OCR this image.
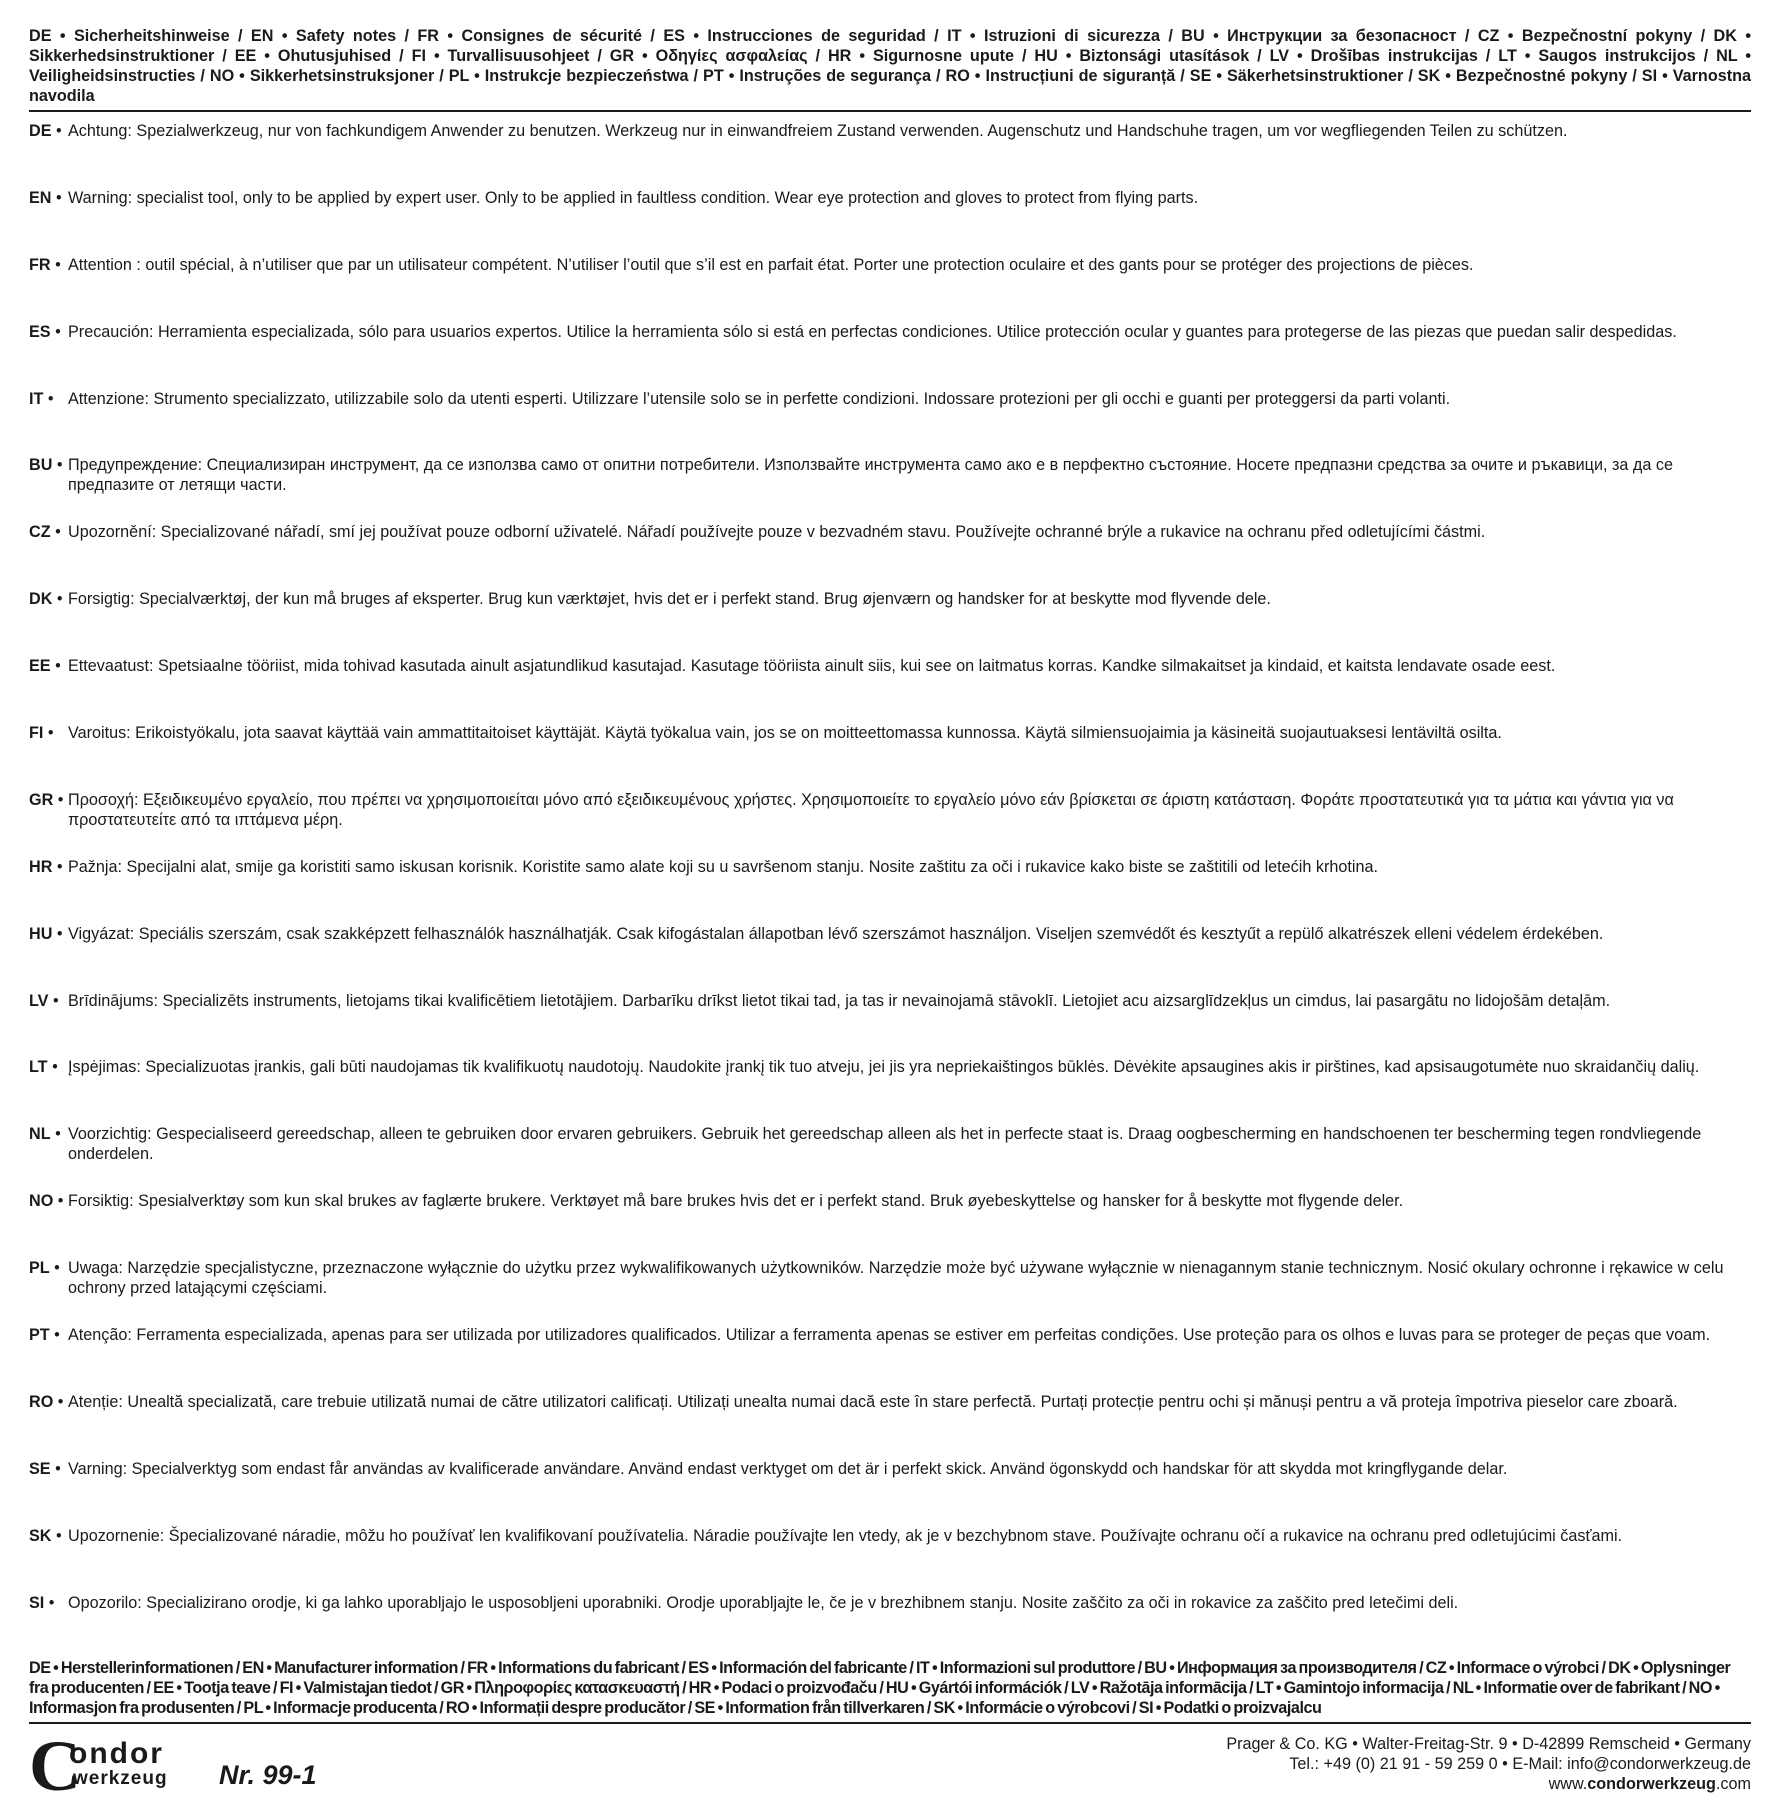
DE • Sicherheitshinweise / EN • Safety notes / FR • Consignes de sécurité / ES • Instrucciones de seguridad / IT • Istruzioni di sicurezza / BU • Инструкции за безопасност / CZ • Bezpečnostní pokyny / DK • Sikkerhedsinstruktioner / EE • Ohutusjuhised / FI • Turvallisuusohjeet / GR • Οδηγίες ασφαλείας / HR • Sigurnosne upute / HU • Biztonsági utasítások / LV • Drošības instrukcijas / LT • Saugos instrukcijos / NL • Veiligheidsinstructies / NO • Sikkerhetsinstruksjoner / PL • Instrukcje bezpieczeństwa / PT • Instruções de segurança / RO • Instrucțiuni de siguranță / SE • Säkerhetsinstruktioner / SK • Bezpečnostné pokyny / SI • Varnostna navodila

DE • Achtung: Spezialwerkzeug, nur von fachkundigem Anwender zu benutzen. Werkzeug nur in einwandfreiem Zustand verwenden. Augenschutz und Handschuhe tragen, um vor wegfliegenden Teilen zu schützen.
EN • Warning: specialist tool, only to be applied by expert user. Only to be applied in faultless condition. Wear eye protection and gloves to protect from flying parts.
FR • Attention : outil spécial, à n’utiliser que par un utilisateur compétent. N’utiliser l’outil que s’il est en parfait état. Porter une protection oculaire et des gants pour se protéger des projections de pièces.
ES • Precaución: Herramienta especializada, sólo para usuarios expertos. Utilice la herramienta sólo si está en perfectas condiciones. Utilice protección ocular y guantes para protegerse de las piezas que puedan salir despedidas.
IT • Attenzione: Strumento specializzato, utilizzabile solo da utenti esperti. Utilizzare l’utensile solo se in perfette condizioni. Indossare protezioni per gli occhi e guanti per proteggersi da parti volanti.
BU • Предупреждение: Специализиран инструмент, да се използва само от опитни потребители. Използвайте инструмента само ако е в перфектно състояние. Носете предпазни средства за очите и ръкавици, за да се предпазите от летящи части.
CZ • Upozornění: Specializované nářadí, smí jej používat pouze odborní uživatelé. Nářadí používejte pouze v bezvadném stavu. Používejte ochranné brýle a rukavice na ochranu před odletujícími částmi.
DK • Forsigtig: Specialværktøj, der kun må bruges af eksperter. Brug kun værktøjet, hvis det er i perfekt stand. Brug øjenværn og handsker for at beskytte mod flyvende dele.
EE • Ettevaatust: Spetsiaalne tööriist, mida tohivad kasutada ainult asjatundlikud kasutajad. Kasutage tööriista ainult siis, kui see on laitmatus korras. Kandke silmakaitset ja kindaid, et kaitsta lendavate osade eest.
FI • Varoitus: Erikoistyökalu, jota saavat käyttää vain ammattitaitoiset käyttäjät. Käytä työkalua vain, jos se on moitteettomassa kunnossa. Käytä silmiensuojaimia ja käsineitä suojautuaksesi lentäviltä osilta.
GR • Προσοχή: Εξειδικευμένο εργαλείο, που πρέπει να χρησιμοποιείται μόνο από εξειδικευμένους χρήστες. Χρησιμοποιείτε το εργαλείο μόνο εάν βρίσκεται σε άριστη κατάσταση. Φοράτε προστατευτικά για τα μάτια και γάντια για να προστατευτείτε από τα ιπτάμενα μέρη.
HR • Pažnja: Specijalni alat, smije ga koristiti samo iskusan korisnik. Koristite samo alate koji su u savršenom stanju. Nosite zaštitu za oči i rukavice kako biste se zaštitili od letećih krhotina.
HU • Vigyázat: Speciális szerszám, csak szakképzett felhasználók használhatják. Csak kifogástalan állapotban lévő szerszámot használjon. Viseljen szemvédőt és kesztyűt a repülő alkatrészek elleni védelem érdekében.
LV • Brīdinājums: Specializēts instruments, lietojams tikai kvalificētiem lietotājiem. Darbarīku drīkst lietot tikai tad, ja tas ir nevainojamā stāvoklī. Lietojiet acu aizsarglīdzekļus un cimdus, lai pasargātu no lidojošām detaļām.
LT • Įspėjimas: Specializuotas įrankis, gali būti naudojamas tik kvalifikuotų naudotojų. Naudokite įrankį tik tuo atveju, jei jis yra nepriekaištingos būklės. Dėvėkite apsaugines akis ir pirštines, kad apsisaugotumėte nuo skraidančių dalių.
NL • Voorzichtig: Gespecialiseerd gereedschap, alleen te gebruiken door ervaren gebruikers. Gebruik het gereedschap alleen als het in perfecte staat is. Draag oogbescherming en handschoenen ter bescherming tegen rondvliegende onderdelen.
NO • Forsiktig: Spesialverktøy som kun skal brukes av faglærte brukere. Verktøyet må bare brukes hvis det er i perfekt stand. Bruk øyebeskyttelse og hansker for å beskytte mot flygende deler.
PL • Uwaga: Narzędzie specjalistyczne, przeznaczone wyłącznie do użytku przez wykwalifikowanych użytkowników. Narzędzie może być używane wyłącznie w nienagannym stanie technicznym. Nosić okulary ochronne i rękawice w celu ochrony przed latającymi częściami.
PT • Atenção: Ferramenta especializada, apenas para ser utilizada por utilizadores qualificados. Utilizar a ferramenta apenas se estiver em perfeitas condições. Use proteção para os olhos e luvas para se proteger de peças que voam.
RO • Atenție: Unealtă specializată, care trebuie utilizată numai de către utilizatori calificați. Utilizați unealta numai dacă este în stare perfectă. Purtați protecție pentru ochi și mănuși pentru a vă proteja împotriva pieselor care zboară.
SE • Varning: Specialverktyg som endast får användas av kvalificerade användare. Använd endast verktyget om det är i perfekt skick. Använd ögonskydd och handskar för att skydda mot kringflygande delar.
SK • Upozornenie: Špecializované náradie, môžu ho používať len kvalifikovaní používatelia. Náradie používajte len vtedy, ak je v bezchybnom stave. Používajte ochranu očí a rukavice na ochranu pred odletujúcimi časťami.
SI • Opozorilo: Specializirano orodje, ki ga lahko uporabljajo le usposobljeni uporabniki. Orodje uporabljajte le, če je v brezhibnem stanju. Nosite zaščito za oči in rokavice za zaščito pred letečimi deli.

DE • Herstellerinformationen / EN • Manufacturer information / FR • Informations du fabricant / ES • Información del fabricante / IT • Informazioni sul produttore / BU • Информация за производителя / CZ • Informace o výrobci / DK • Oplysninger fra producenten / EE • Tootja teave / FI • Valmistajan tiedot / GR • Πληροφορίες κατασκευαστή / HR • Podaci o proizvođaču / HU • Gyártói információk / LV • Ražotāja informācija / LT • Gamintojo informacija / NL • Informatie over de fabrikant / NO • Informasjon fra produsenten / PL • Informacje producenta / RO • Informații despre producător / SE • Information från tillverkaren / SK • Informácie o výrobcovi / SI • Podatki o proizvajalcu

C
ondor
werkzeug Nr. 99-1
Prager & Co. KG • Walter-Freitag-Str. 9 • D-42899 Remscheid • Germany
Tel.: +49 (0) 21 91 - 59 259 0 • E-Mail: info@condorwerkzeug.de
www.condorwerkzeug.com
